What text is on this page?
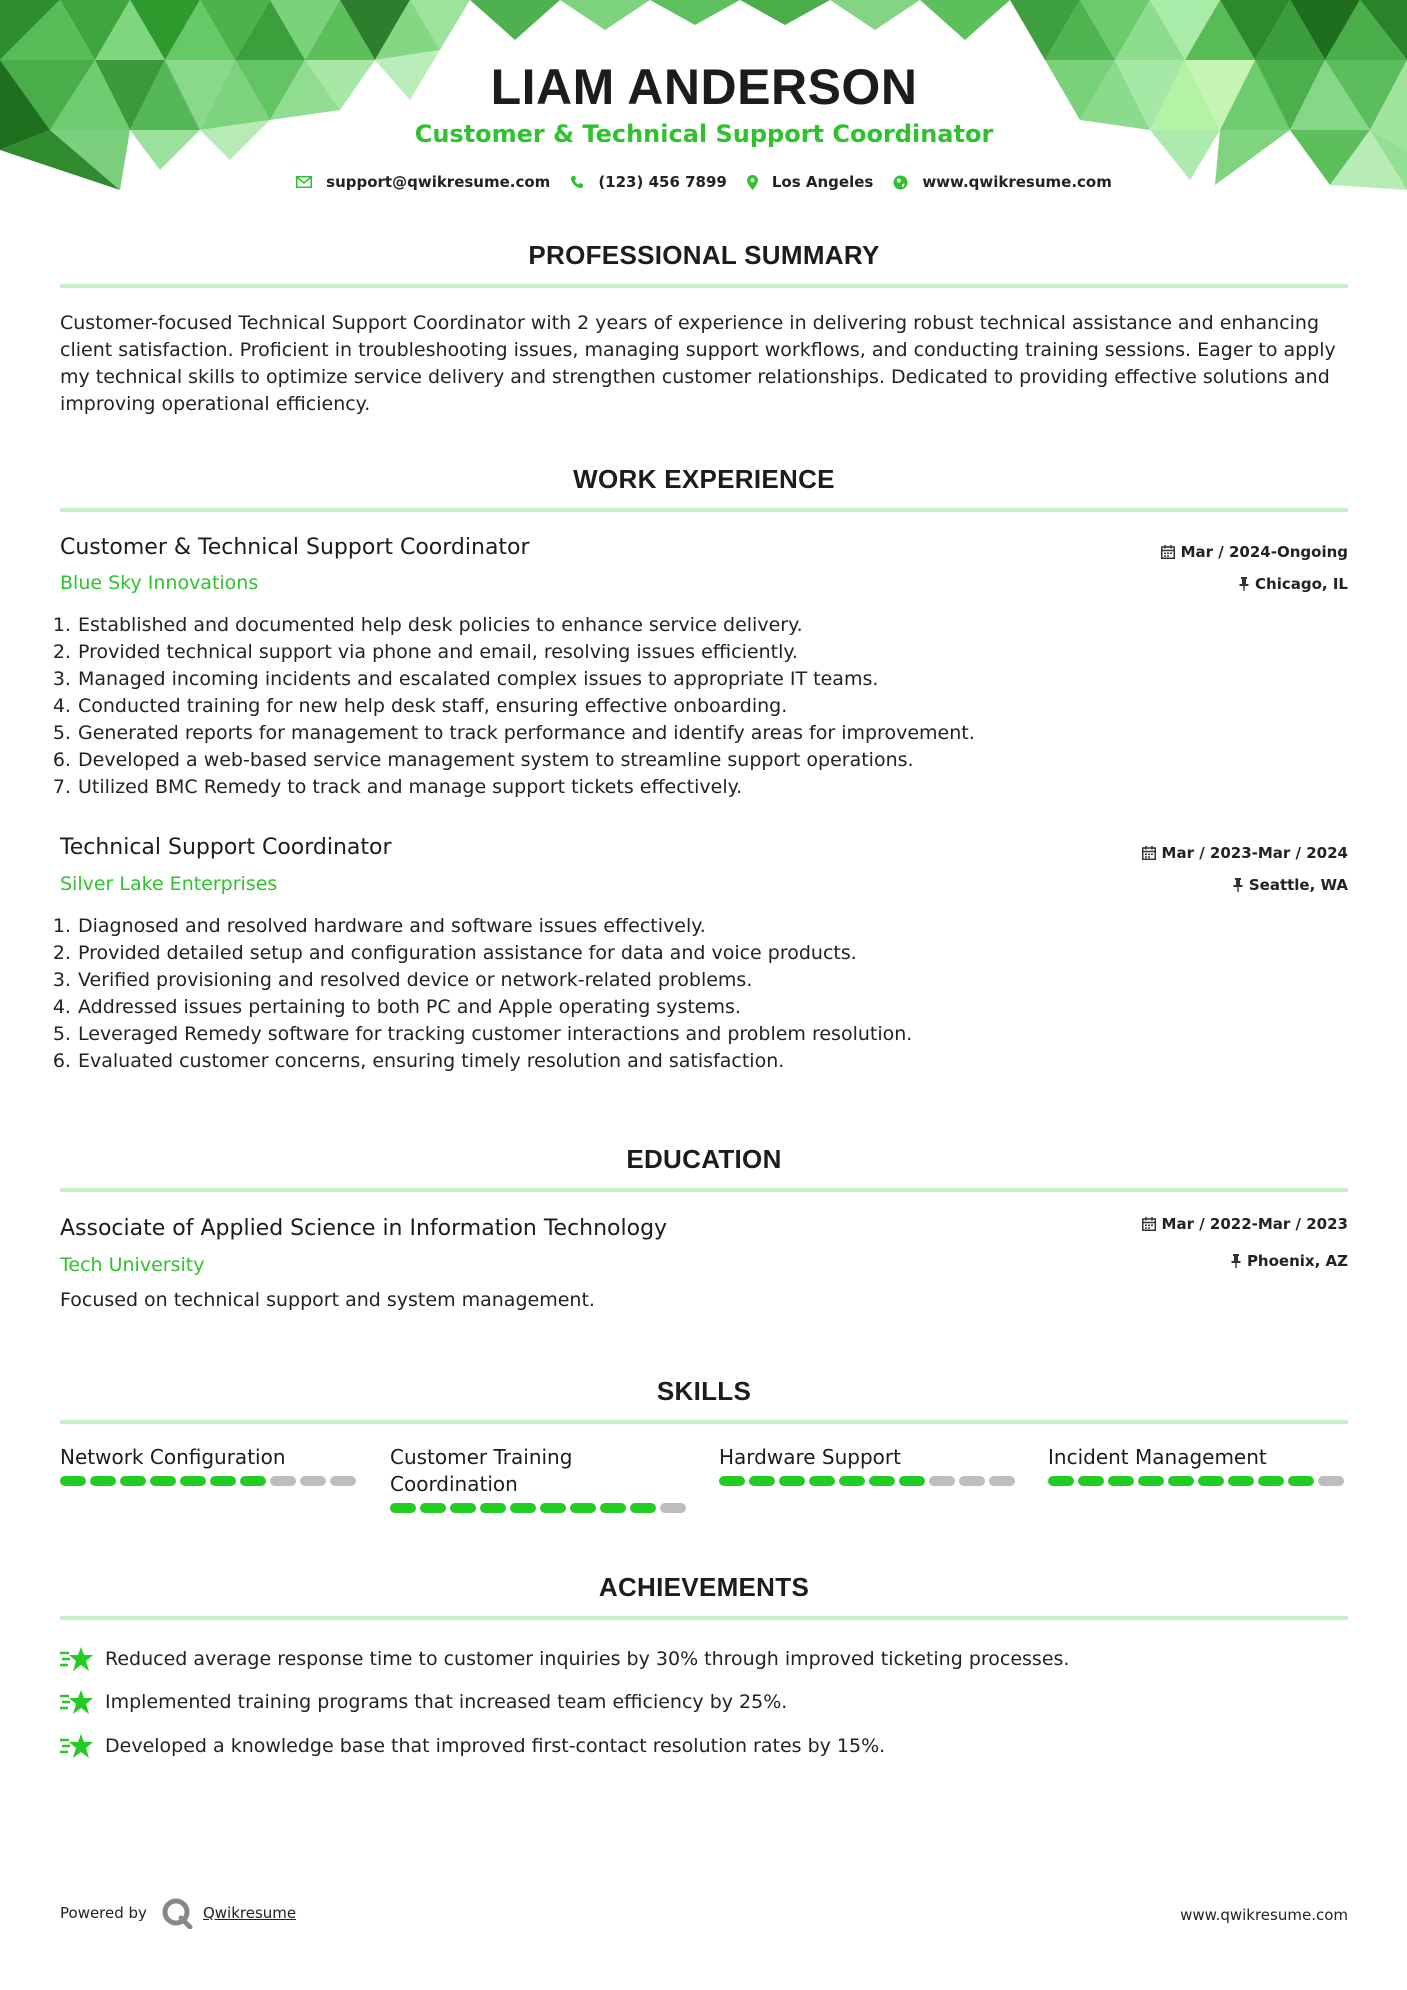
LIAM ANDERSON
Customer & Technical Support Coordinator
support@qwikresume.com	(123) 456 7899	Los Angeles	www.qwikresume.com
PROFESSIONAL SUMMARY
Customer-focused Technical Support Coordinator with 2 years of experience in delivering robust technical assistance and enhancing client satisfaction. Proficient in troubleshooting issues, managing support workflows, and conducting training sessions. Eager to apply my technical skills to optimize service delivery and strengthen customer relationships. Dedicated to providing effective solutions and improving operational efficiency.
WORK EXPERIENCE
Customer & Technical Support Coordinator
Blue Sky Innovations
Mar / 2024-Ongoing
Chicago, IL
1. Established and documented help desk policies to enhance service delivery.
2. Provided technical support via phone and email, resolving issues efficiently.
3. Managed incoming incidents and escalated complex issues to appropriate IT teams.
4. Conducted training for new help desk staff, ensuring effective onboarding.
5. Generated reports for management to track performance and identify areas for improvement.
6. Developed a web-based service management system to streamline support operations.
7. Utilized BMC Remedy to track and manage support tickets effectively.
Technical Support Coordinator
Silver Lake Enterprises
Mar / 2023-Mar / 2024
Seattle, WA
1. Diagnosed and resolved hardware and software issues effectively.
2. Provided detailed setup and configuration assistance for data and voice products.
3. Verified provisioning and resolved device or network-related problems.
4. Addressed issues pertaining to both PC and Apple operating systems.
5. Leveraged Remedy software for tracking customer interactions and problem resolution.
6. Evaluated customer concerns, ensuring timely resolution and satisfaction.
EDUCATION
Associate of Applied Science in Information Technology
Tech University
Mar / 2022-Mar / 2023
Phoenix, AZ
Focused on technical support and system management.
SKILLS
Network Configuration	Customer Training Coordination
Hardware Support	Incident Management
ACHIEVEMENTS
Reduced average response time to customer inquiries by 30% through improved ticketing processes.
Implemented training programs that increased team efficiency by 25%.
Developed a knowledge base that improved first-contact resolution rates by 15%.
Powered by	Qwikresume	www.qwikresume.com
